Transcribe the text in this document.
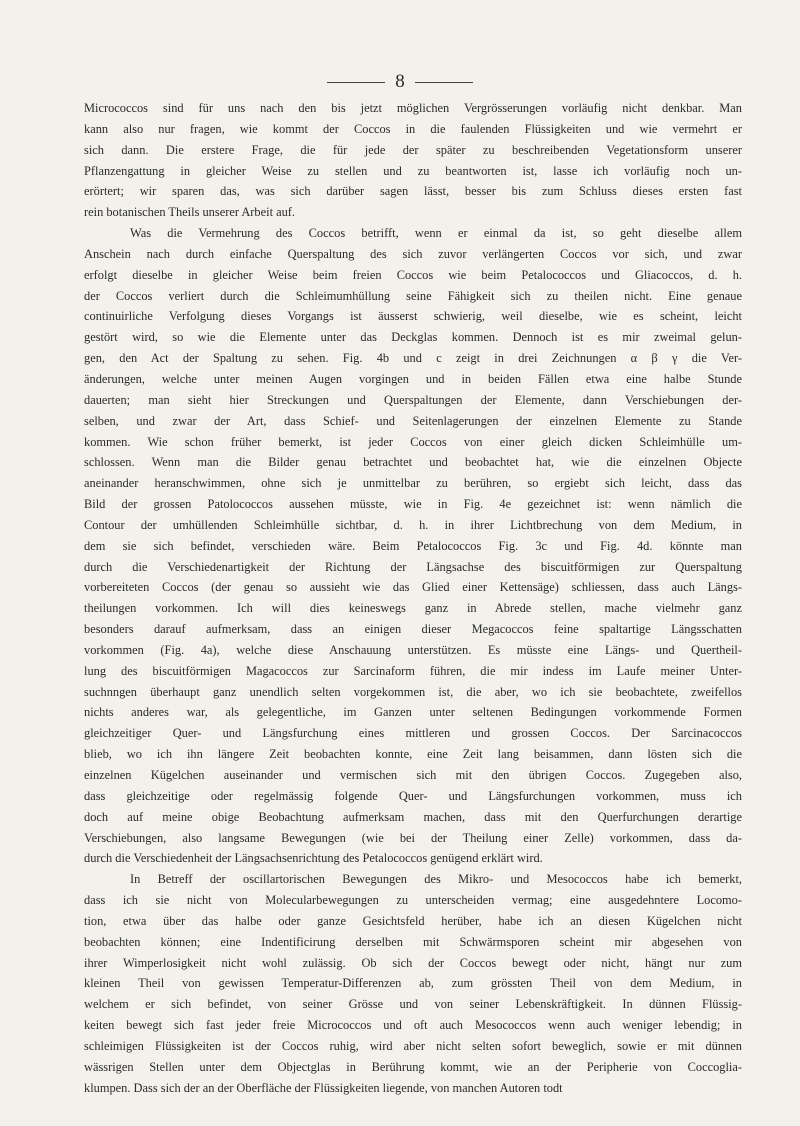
8
Micrococcos sind für uns nach den bis jetzt möglichen Vergrösserungen vorläufig nicht denkbar. Man
kann also nur fragen, wie kommt der Coccos in die faulenden Flüssigkeiten und wie vermehrt er
sich dann. Die erstere Frage, die für jede der später zu beschreibenden Vegetationsform unserer
Pflanzengattung in gleicher Weise zu stellen und zu beantworten ist, lasse ich vorläufig noch un-
erörtert; wir sparen das, was sich darüber sagen lässt, besser bis zum Schluss dieses ersten fast
rein botanischen Theils unserer Arbeit auf.
Was die Vermehrung des Coccos betrifft, wenn er einmal da ist, so geht dieselbe allem
Anschein nach durch einfache Querspaltung des sich zuvor verlängerten Coccos vor sich, und zwar
erfolgt dieselbe in gleicher Weise beim freien Coccos wie beim Petalococcos und Gliacoccos, d. h.
der Coccos verliert durch die Schleimumhüllung seine Fähigkeit sich zu theilen nicht. Eine genaue
continuirliche Verfolgung dieses Vorgangs ist äusserst schwierig, weil dieselbe, wie es scheint, leicht
gestört wird, so wie die Elemente unter das Deckglas kommen. Dennoch ist es mir zweimal gelun-
gen, den Act der Spaltung zu sehen. Fig. 4b und c zeigt in drei Zeichnungen α β γ die Ver-
änderungen, welche unter meinen Augen vorgingen und in beiden Fällen etwa eine halbe Stunde
dauerten; man sieht hier Streckungen und Querspaltungen der Elemente, dann Verschiebungen der-
selben, und zwar der Art, dass Schief- und Seitenlagerungen der einzelnen Elemente zu Stande
kommen. Wie schon früher bemerkt, ist jeder Coccos von einer gleich dicken Schleimhülle um-
schlossen. Wenn man die Bilder genau betrachtet und beobachtet hat, wie die einzelnen Objecte
aneinander heranschwimmen, ohne sich je unmittelbar zu berühren, so ergiebt sich leicht, dass das
Bild der grossen Patolococcos aussehen müsste, wie in Fig. 4e gezeichnet ist: wenn nämlich die
Contour der umhüllenden Schleimhülle sichtbar, d. h. in ihrer Lichtbrechung von dem Medium, in
dem sie sich befindet, verschieden wäre. Beim Petalococcos Fig. 3c und Fig. 4d. könnte man
durch die Verschiedenartigkeit der Richtung der Längsachse des biscuitförmigen zur Querspaltung
vorbereiteten Coccos (der genau so aussieht wie das Glied einer Kettensäge) schliessen, dass auch Längs-
theilungen vorkommen. Ich will dies keineswegs ganz in Abrede stellen, mache vielmehr ganz
besonders darauf aufmerksam, dass an einigen dieser Megacoccos feine spaltartige Längsschatten
vorkommen (Fig. 4a), welche diese Anschauung unterstützen. Es müsste eine Längs- und Quertheil-
lung des biscuitförmigen Magacoccos zur Sarcinaform führen, die mir indess im Laufe meiner Unter-
suchnngen überhaupt ganz unendlich selten vorgekommen ist, die aber, wo ich sie beobachtete, zweifellos
nichts anderes war, als gelegentliche, im Ganzen unter seltenen Bedingungen vorkommende Formen
gleichzeitiger Quer- und Längsfurchung eines mittleren und grossen Coccos. Der Sarcinacoccos
blieb, wo ich ihn längere Zeit beobachten konnte, eine Zeit lang beisammen, dann lösten sich die
einzelnen Kügelchen auseinander und vermischen sich mit den übrigen Coccos. Zugegeben also,
dass gleichzeitige oder regelmässig folgende Quer- und Längsfurchungen vorkommen, muss ich
doch auf meine obige Beobachtung aufmerksam machen, dass mit den Querfurchungen derartige
Verschiebungen, also langsame Bewegungen (wie bei der Theilung einer Zelle) vorkommen, dass da-
durch die Verschiedenheit der Längsachsenrichtung des Petalococcos genügend erklärt wird.
In Betreff der oscillartorischen Bewegungen des Mikro- und Mesococcos habe ich bemerkt,
dass ich sie nicht von Molecularbewegungen zu unterscheiden vermag; eine ausgedehntere Locomo-
tion, etwa über das halbe oder ganze Gesichtsfeld herüber, habe ich an diesen Kügelchen nicht
beobachten können; eine Indentificirung derselben mit Schwärmsporen scheint mir abgesehen von
ihrer Wimperlosigkeit nicht wohl zulässig. Ob sich der Coccos bewegt oder nicht, hängt nur zum
kleinen Theil von gewissen Temperatur-Differenzen ab, zum grössten Theil von dem Medium, in
welchem er sich befindet, von seiner Grösse und von seiner Lebenskräftigkeit. In dünnen Flüssig-
keiten bewegt sich fast jeder freie Micrococcos und oft auch Mesococcos wenn auch weniger lebendig; in
schleimigen Flüssigkeiten ist der Coccos ruhig, wird aber nicht selten sofort beweglich, sowie er mit dünnen
wässrigen Stellen unter dem Objectglas in Berührung kommt, wie an der Peripherie von Coccoglia-
klumpen. Dass sich der an der Oberfläche der Flüssigkeiten liegende, von manchen Autoren todt
